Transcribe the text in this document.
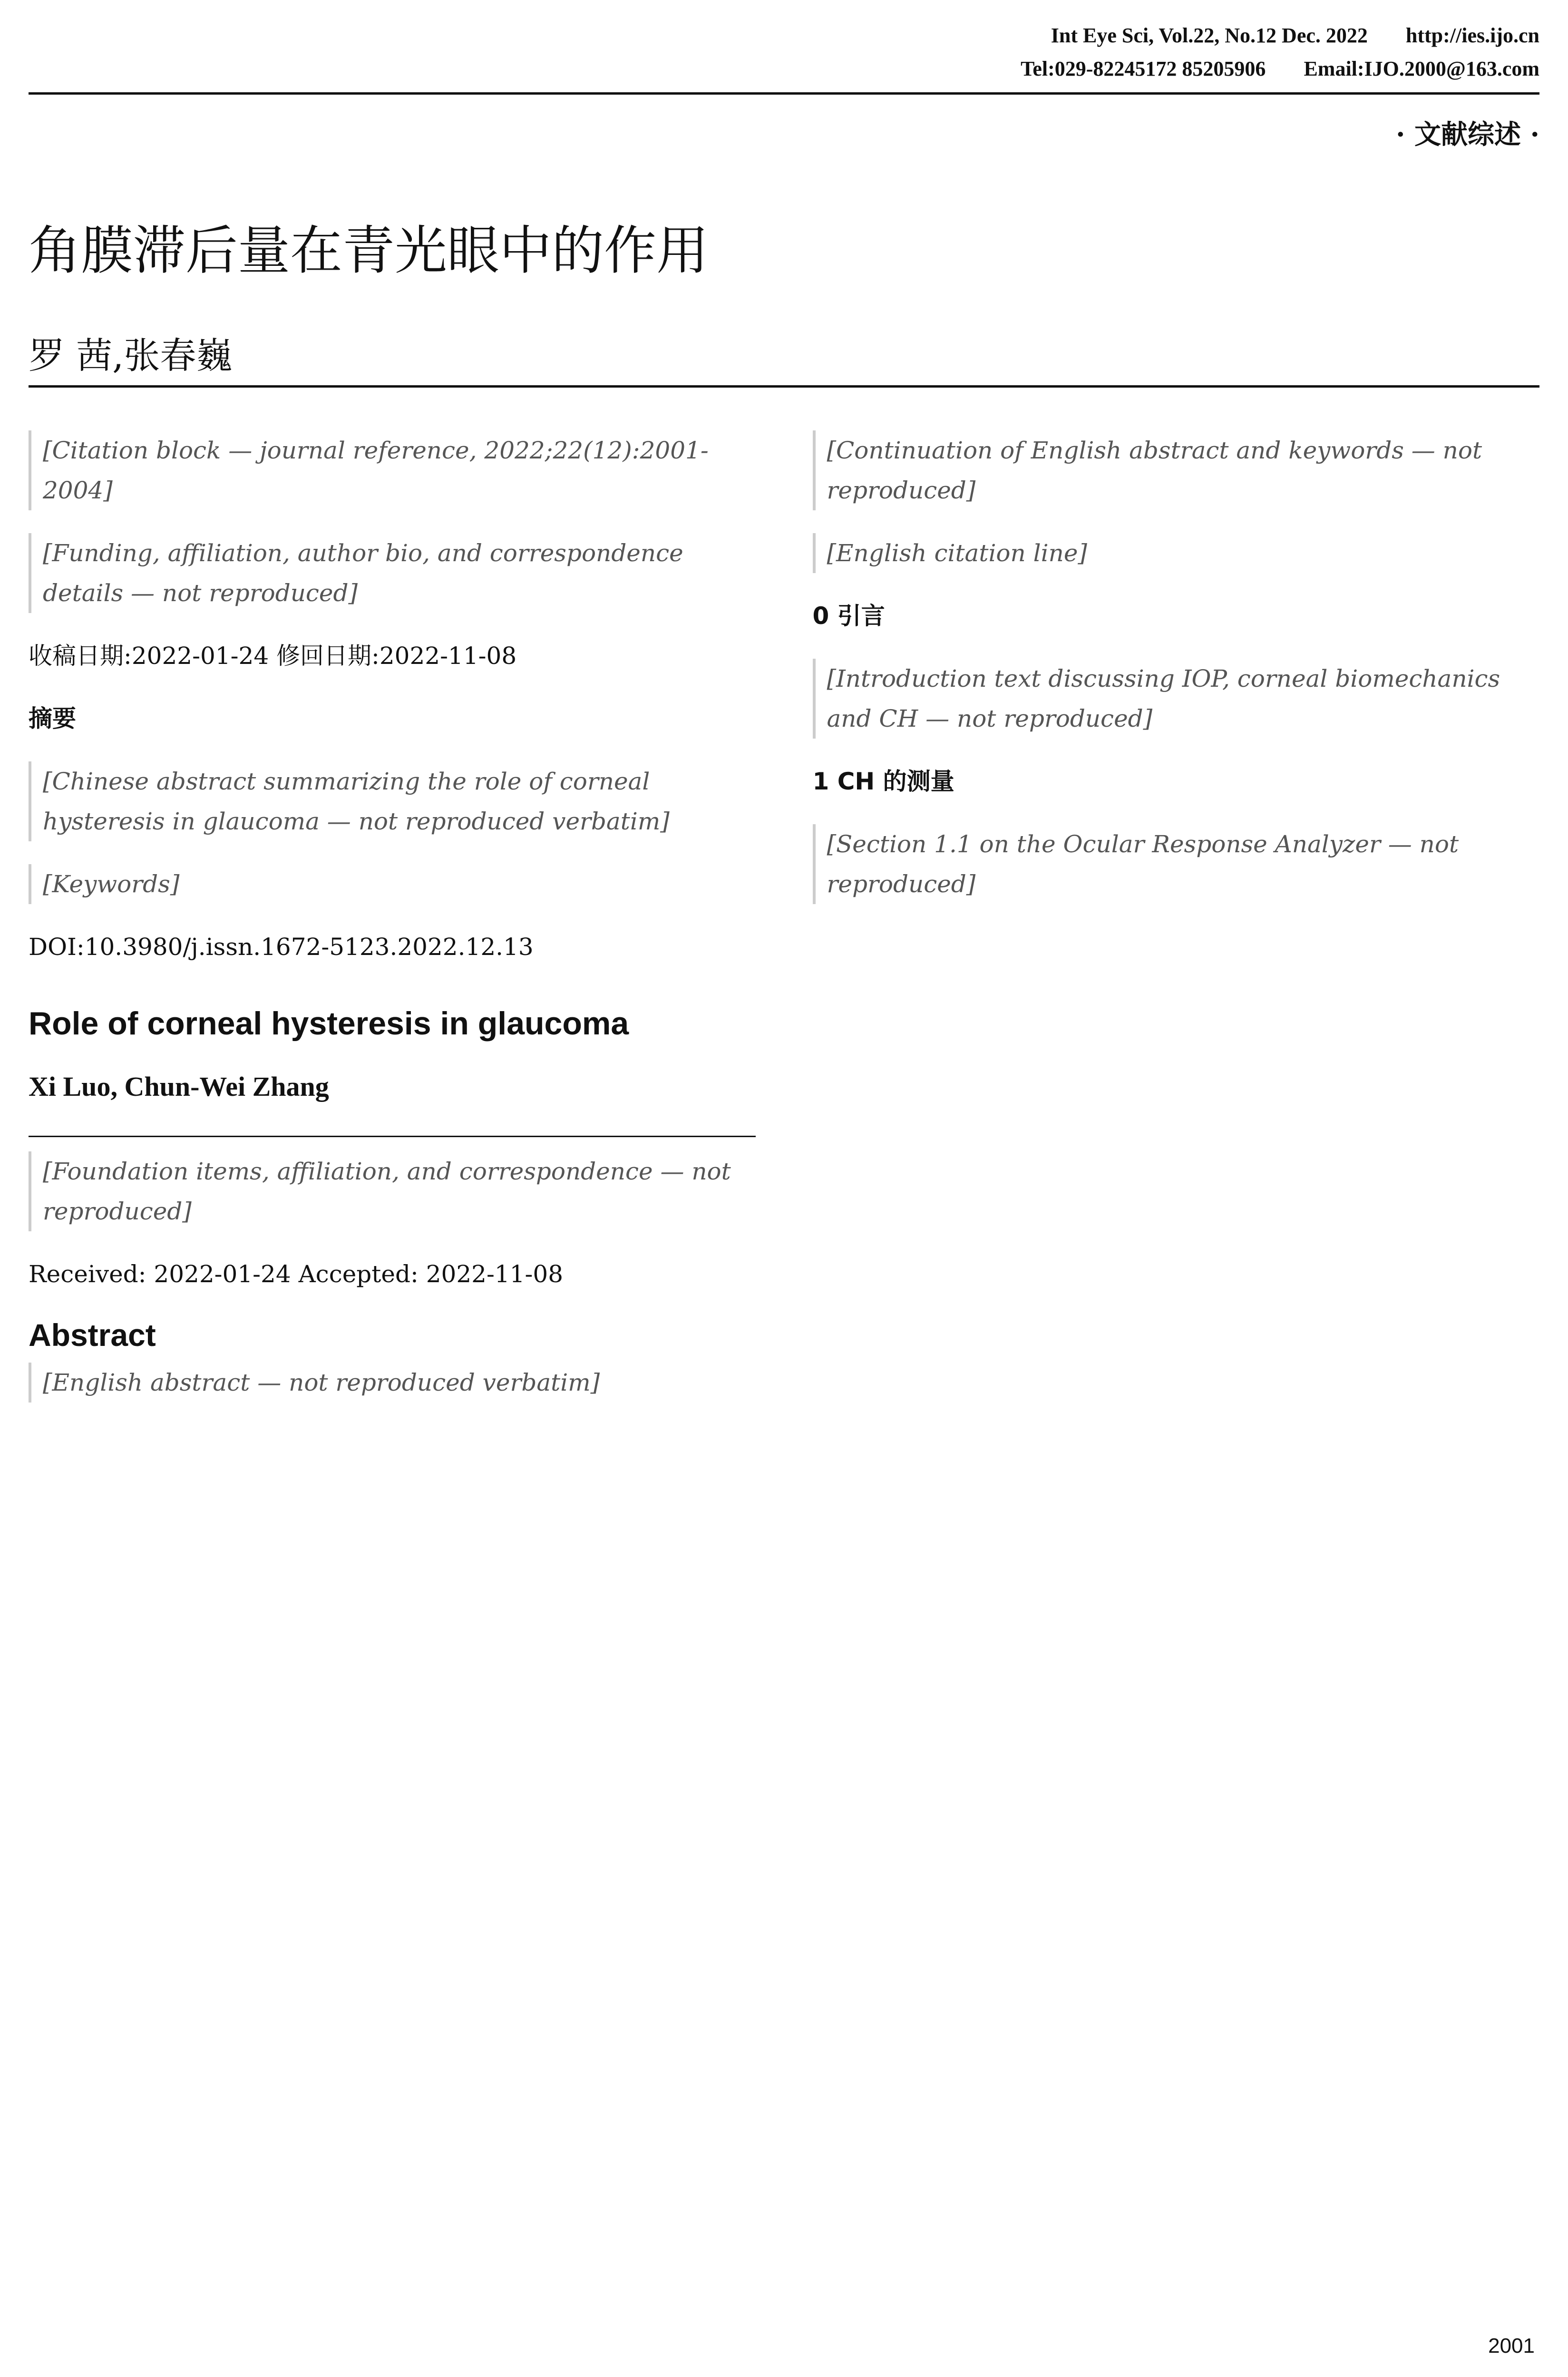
Int Eye Sci, Vol.22, No.12 Dec. 2022 http://ies.ijo.cn
Tel:029-82245172 85205906 Email:IJO.2000@163.com
· 文献综述 ·
角膜滞后量在青光眼中的作用
罗 茜,张春巍
[Citation block — journal reference, 2022;22(12):2001-2004]
[Funding, affiliation, author bio, and correspondence details — not reproduced]
收稿日期:2022-01-24 修回日期:2022-11-08
摘要
[Chinese abstract summarizing the role of corneal hysteresis in glaucoma — not reproduced verbatim]
[Keywords]
DOI:10.3980/j.issn.1672-5123.2022.12.13
Role of corneal hysteresis in glaucoma
Xi Luo, Chun-Wei Zhang
[Foundation items, affiliation, and correspondence — not reproduced]
Received: 2022-01-24 Accepted: 2022-11-08
Abstract
[English abstract — not reproduced verbatim]
[Continuation of English abstract and keywords — not reproduced]
[English citation line]
0 引言
[Introduction text discussing IOP, corneal biomechanics and CH — not reproduced]
1 CH 的测量
[Section 1.1 on the Ocular Response Analyzer — not reproduced]
2001
